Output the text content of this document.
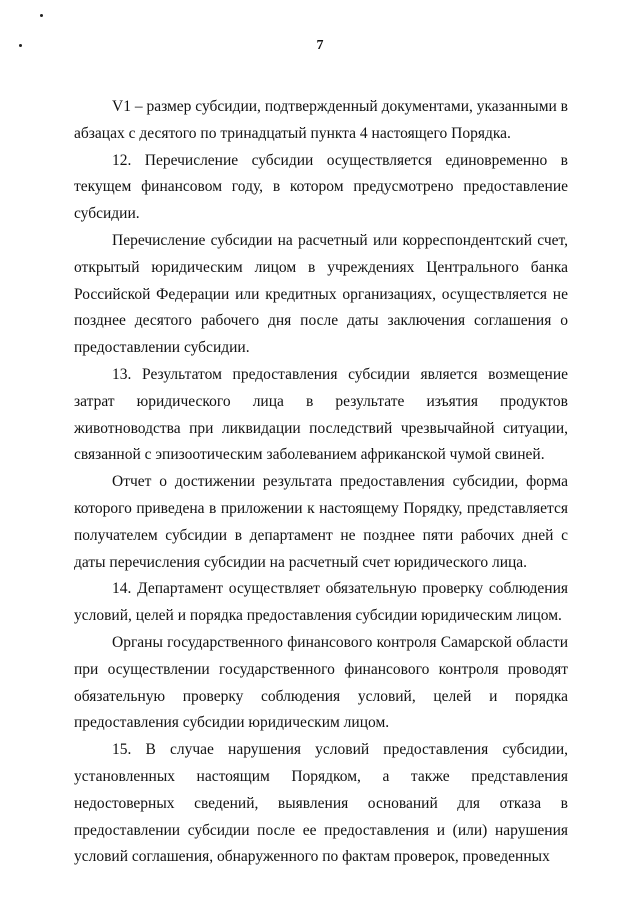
7

V1 – размер субсидии, подтвержденный документами, указанными в абзацах с десятого по тринадцатый пункта 4 настоящего Порядка.

12. Перечисление субсидии осуществляется единовременно в текущем финансовом году, в котором предусмотрено предоставление субсидии.

Перечисление субсидии на расчетный или корреспондентский счет, открытый юридическим лицом в учреждениях Центрального банка Российской Федерации или кредитных организациях, осуществляется не позднее десятого рабочего дня после даты заключения соглашения о предоставлении субсидии.

13. Результатом предоставления субсидии является возмещение затрат юридического лица в результате изъятия продуктов животноводства при ликвидации последствий чрезвычайной ситуации, связанной с эпизоотическим заболеванием африканской чумой свиней.

Отчет о достижении результата предоставления субсидии, форма которого приведена в приложении к настоящему Порядку, представляется получателем субсидии в департамент не позднее пяти рабочих дней с даты перечисления субсидии на расчетный счет юридического лица.

14. Департамент осуществляет обязательную проверку соблюдения условий, целей и порядка предоставления субсидии юридическим лицом.

Органы государственного финансового контроля Самарской области при осуществлении государственного финансового контроля проводят обязательную проверку соблюдения условий, целей и порядка предоставления субсидии юридическим лицом.

15. В случае нарушения условий предоставления субсидии, установленных настоящим Порядком, а также представления недостоверных сведений, выявления оснований для отказа в предоставлении субсидии после ее предоставления и (или) нарушения условий соглашения, обнаруженного по фактам проверок, проведенных
